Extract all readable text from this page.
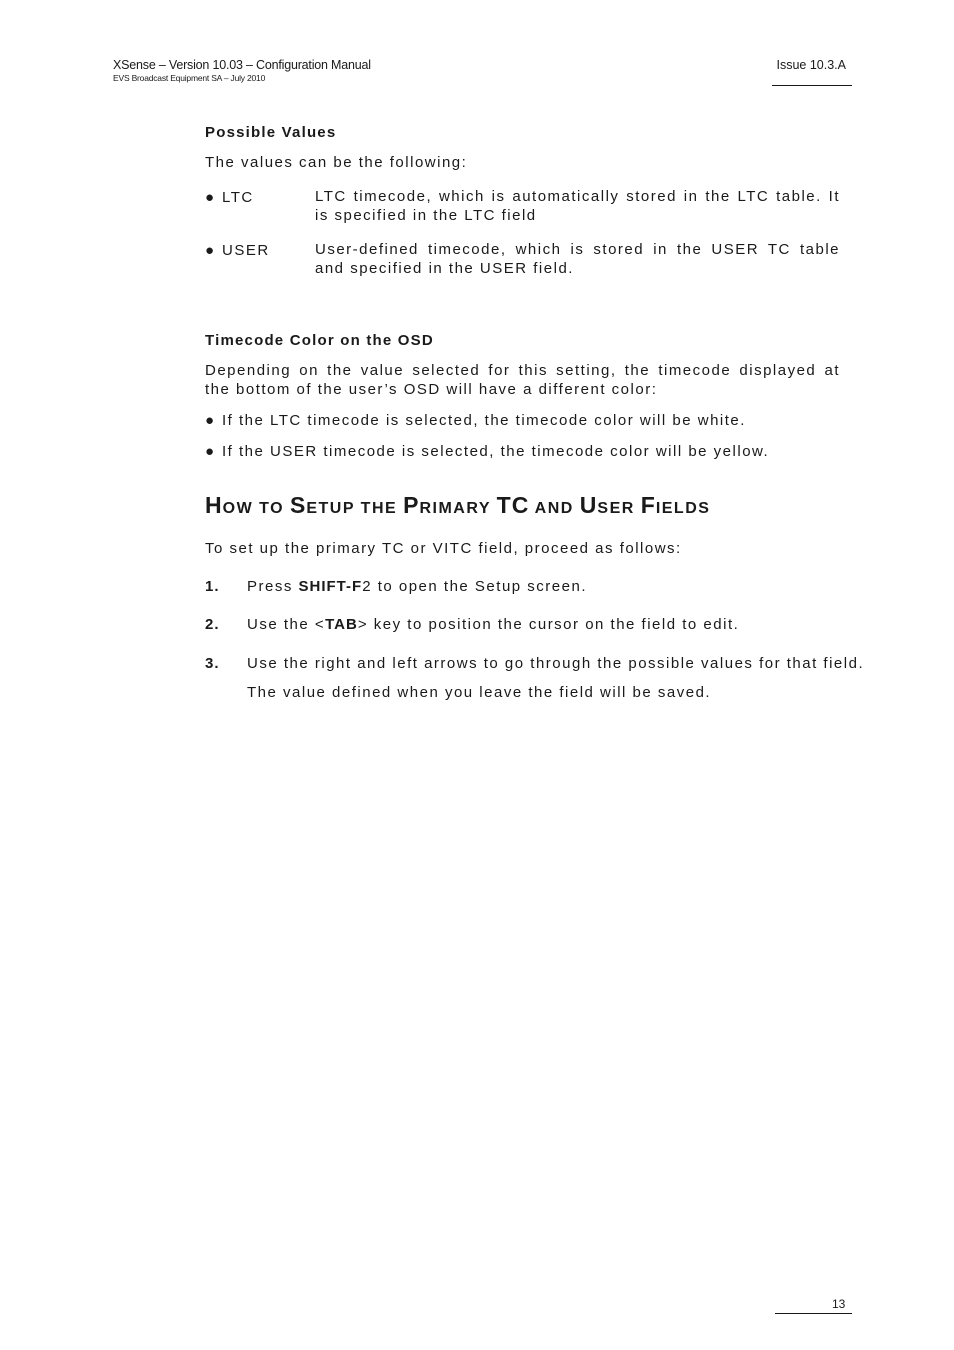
XSense – Version 10.03 – Configuration Manual
EVS Broadcast Equipment SA – July 2010
Issue 10.3.A
Possible Values
The values can be the following:
● LTC	LTC timecode, which is automatically stored in the LTC table. It is specified in the LTC field
● USER	User-defined timecode, which is stored in the USER TC table and specified in the USER field.
Timecode Color on the OSD
Depending on the value selected for this setting, the timecode displayed at the bottom of the user’s OSD will have a different color:
● If the LTC timecode is selected, the timecode color will be white.
● If the USER timecode is selected, the timecode color will be yellow.
HOW TO SETUP THE PRIMARY TC AND USER FIELDS
To set up the primary TC or VITC field, proceed as follows:
1. Press SHIFT-F2 to open the Setup screen.
2. Use the <TAB> key to position the cursor on the field to edit.
3. Use the right and left arrows to go through the possible values for that field.
The value defined when you leave the field will be saved.
13
